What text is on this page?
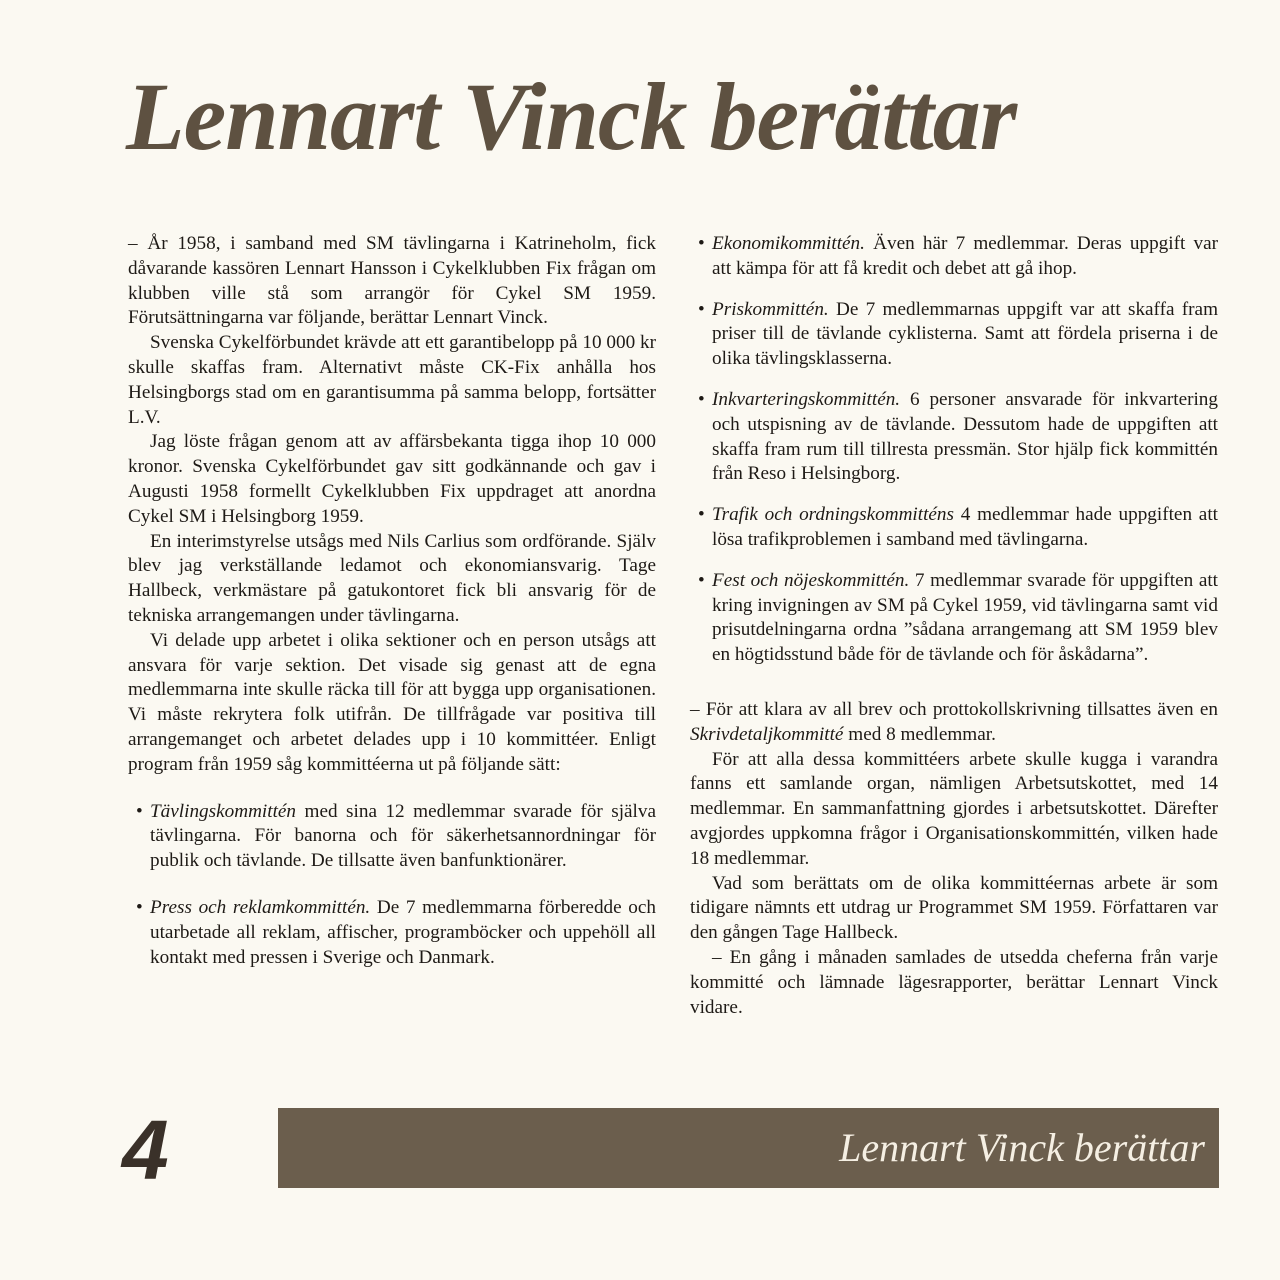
Lennart Vinck berättar

– År 1958, i samband med SM tävlingarna i Katrineholm, fick dåvarande kassören Lennart Hansson i Cykelklubben Fix frågan om klubben ville stå som arrangör för Cykel SM 1959. Förutsättningarna var följande, berättar Lennart Vinck.

Svenska Cykelförbundet krävde att ett garantibelopp på 10 000 kr skulle skaffas fram. Alternativt måste CK-Fix anhålla hos Helsingborgs stad om en garantisumma på samma belopp, fortsätter L.V.

Jag löste frågan genom att av affärsbekanta tigga ihop 10 000 kronor. Svenska Cykelförbundet gav sitt godkännande och gav i Augusti 1958 formellt Cykelklubben Fix uppdraget att anordna Cykel SM i Helsingborg 1959.

En interimstyrelse utsågs med Nils Carlius som ordförande. Själv blev jag verkställande ledamot och ekonomiansvarig. Tage Hallbeck, verkmästare på gatukontoret fick bli ansvarig för de tekniska arrangemangen under tävlingarna.

Vi delade upp arbetet i olika sektioner och en person utsågs att ansvara för varje sektion. Det visade sig genast att de egna medlemmarna inte skulle räcka till för att bygga upp organisationen. Vi måste rekrytera folk utifrån. De tillfrågade var positiva till arrangemanget och arbetet delades upp i 10 kommittéer. Enligt program från 1959 såg kommittéerna ut på följande sätt:

• Tävlingskommittén med sina 12 medlemmar svarade för själva tävlingarna. För banorna och för säkerhetsannordningar för publik och tävlande. De tillsatte även banfunktionärer.

• Press och reklamkommittén. De 7 medlemmarna förberedde och utarbetade all reklam, affischer, programböcker och uppehöll all kontakt med pressen i Sverige och Danmark.

• Ekonomikommittén. Även här 7 medlemmar. Deras uppgift var att kämpa för att få kredit och debet att gå ihop.

• Priskommittén. De 7 medlemmarnas uppgift var att skaffa fram priser till de tävlande cyklisterna. Samt att fördela priserna i de olika tävlingsklasserna.

• Inkvarteringskommittén. 6 personer ansvarade för inkvartering och utspisning av de tävlande. Dessutom hade de uppgiften att skaffa fram rum till tillresta pressmän. Stor hjälp fick kommittén från Reso i Helsingborg.

• Trafik och ordningskommitténs 4 medlemmar hade uppgiften att lösa trafikproblemen i samband med tävlingarna.

• Fest och nöjeskommittén. 7 medlemmar svarade för uppgiften att kring invigningen av SM på Cykel 1959, vid tävlingarna samt vid prisutdelningarna ordna ”sådana arrangemang att SM 1959 blev en högtidsstund både för de tävlande och för åskådarna”.

– För att klara av all brev och prottokollskrivning tillsattes även en Skrivdetaljkommitté med 8 medlemmar.

För att alla dessa kommittéers arbete skulle kugga i varandra fanns ett samlande organ, nämligen Arbetsutskottet, med 14 medlemmar. En sammanfattning gjordes i arbetsutskottet. Därefter avgjordes uppkomna frågor i Organisationskommittén, vilken hade 18 medlemmar.

Vad som berättats om de olika kommittéernas arbete är som tidigare nämnts ett utdrag ur Programmet SM 1959. Författaren var den gången Tage Hallbeck.

– En gång i månaden samlades de utsedda cheferna från varje kommitté och lämnade lägesrapporter, berättar Lennart Vinck vidare.

4	Lennart Vinck berättar
